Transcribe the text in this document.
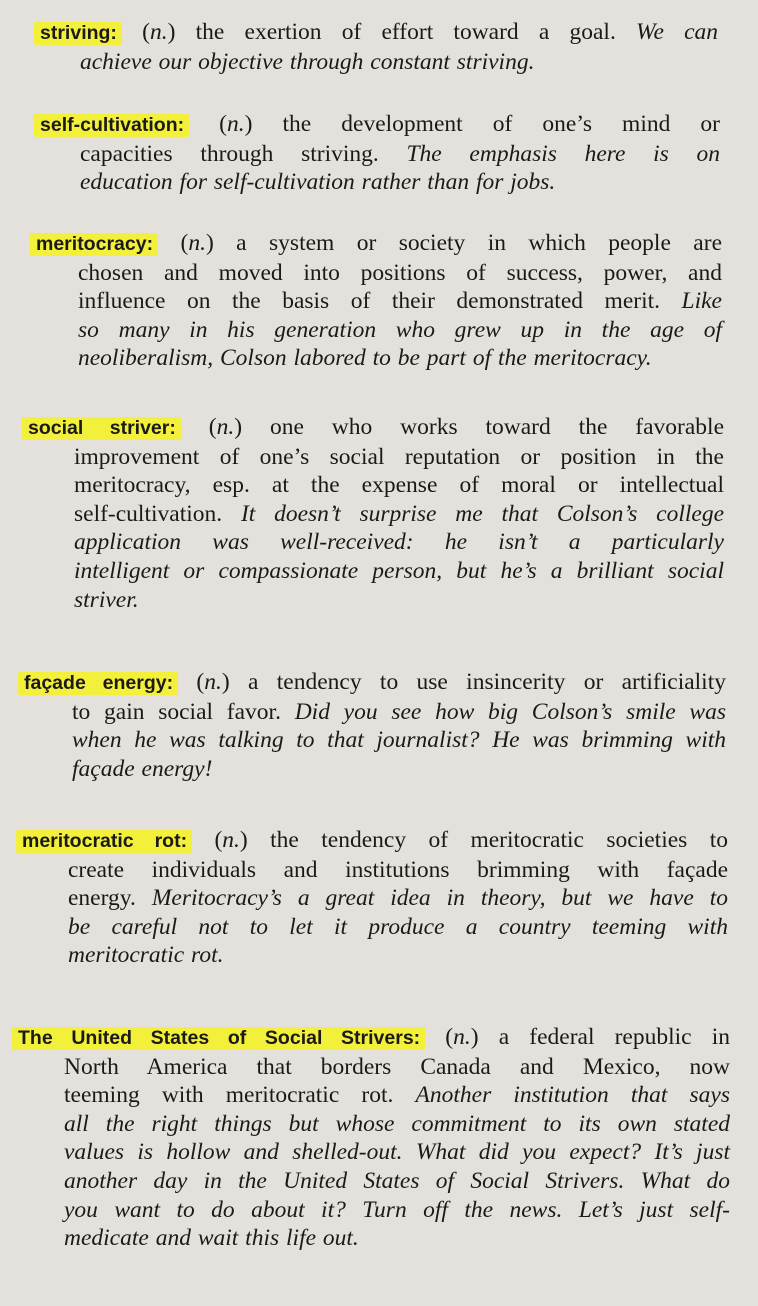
striving: (n.) the exertion of effort toward a goal. We can
achieve our objective through constant striving.
self-cultivation: (n.) the development of one’s mind or
capacities through striving. The emphasis here is on
education for self-cultivation rather than for jobs.
meritocracy: (n.) a system or society in which people are
chosen and moved into positions of success, power, and
influence on the basis of their demonstrated merit. Like
so many in his generation who grew up in the age of
neoliberalism, Colson labored to be part of the meritocracy.
social striver: (n.) one who works toward the favorable
improvement of one’s social reputation or position in the
meritocracy, esp. at the expense of moral or intellectual
self-cultivation. It doesn’t surprise me that Colson’s college
application was well-received: he isn’t a particularly
intelligent or compassionate person, but he’s a brilliant social
striver.
façade energy: (n.) a tendency to use insincerity or artificiality
to gain social favor. Did you see how big Colson’s smile was
when he was talking to that journalist? He was brimming with
façade energy!
meritocratic rot: (n.) the tendency of meritocratic societies to
create individuals and institutions brimming with façade
energy. Meritocracy’s a great idea in theory, but we have to
be careful not to let it produce a country teeming with
meritocratic rot.
The United States of Social Strivers: (n.) a federal republic in
North America that borders Canada and Mexico, now
teeming with meritocratic rot. Another institution that says
all the right things but whose commitment to its own stated
values is hollow and shelled-out. What did you expect? It’s just
another day in the United States of Social Strivers. What do
you want to do about it? Turn off the news. Let’s just self-
medicate and wait this life out.
